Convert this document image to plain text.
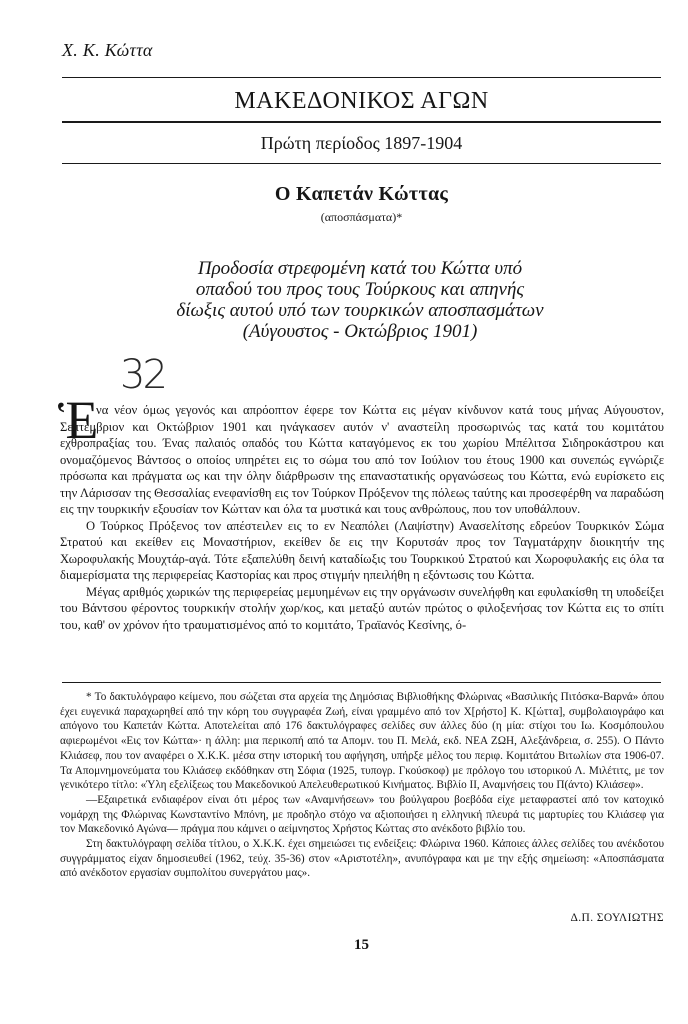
Χ. Κ. Κώττα
ΜΑΚΕΔΟΝΙΚΟΣ ΑΓΩΝ
Πρώτη περίοδος 1897-1904
Ο Καπετάν Κώττας
(αποσπάσματα)*
Προδοσία στρεφομένη κατά του Κώττα υπό
οπαδού του προς τους Τούρκους και απηνής
δίωξις αυτού υπό των τουρκικών αποσπασμάτων
(Αύγουστος - Οκτώβριος 1901)
32
Ἑ

να νέον όμως γεγονός και απρόοπτον έφερε τον Κώττα εις μέγαν κίνδυνον κατά τους μήνας Αύγουστον, Σεπτέμβριον και Οκτώβριον 1901 και ηνάγκασεν αυτόν ν' αναστείλη προσωρινώς τας κατά του κομιτάτου εχθροπραξίας του. Ένας παλαιός οπαδός του Κώττα καταγόμενος εκ του χωρίου Μπέλιτσα Σιδηροκάστρου και ονομαζόμενος Βάντσος ο οποίος υπηρέτει εις το σώμα του από τον Ιούλιον του έτους 1900 και συνεπώς εγνώριζε πρόσωπα και πράγματα ως και την όλην διάρθρωσιν της επαναστατικής οργανώσεως του Κώττα, ενώ ευρίσκετο εις την Λάρισσαν της Θεσσαλίας ενεφανίσθη εις τον Τούρκον Πρόξενον της πόλεως ταύτης και προσεφέρθη να παραδώση εις την τουρκικήν εξουσίαν τον Κώτταν και όλα τα μυστικά και τους ανθρώπους, που τον υποθάλπουν.

Ο Τούρκος Πρόξενος τον απέστειλεν εις το εν Νεαπόλει (Λαψίστην) Ανασελίτσης εδρεύον Τουρκικόν Σώμα Στρατού και εκείθεν εις Μοναστήριον, εκείθεν δε εις την Κορυτσάν προς τον Ταγματάρχην διοικητήν της Χωροφυλακής Μουχτάρ-αγά. Τότε εξαπελύθη δεινή καταδίωξις του Τουρκικού Στρατού και Χωροφυλακής εις όλα τα διαμερίσματα της περιφερείας Καστορίας και προς στιγμήν ηπειλήθη η εξόντωσις του Κώττα.

Μέγας αριθμός χωρικών της περιφερείας μεμυημένων εις την οργάνωσιν συνελήφθη και εφυλακίσθη τη υποδείξει του Βάντσου φέροντος τουρκικήν στολήν χωρ/κος, και μεταξύ αυτών πρώτος ο φιλοξενήσας τον Κώττα εις το σπίτι του, καθ' ον χρόνον ήτο τραυματισμένος από το κομιτάτο, Τραϊανός Κεσίνης, ό-

* Το δακτυλόγραφο κείμενο, που σώζεται στα αρχεία της Δημόσιας Βιβλιοθήκης Φλώρινας «Βασιλικής Πιτόσκα-Βαρνά» όπου έχει ευγενικά παραχωρηθεί από την κόρη του συγγραφέα Ζωή, είναι γραμμένο από τον Χ[ρήστο] Κ. Κ[ώττα], συμβολαιογράφο και απόγονο του Καπετάν Κώττα. Αποτελείται από 176 δακτυλόγραφες σελίδες συν άλλες δύο (η μία: στίχοι του Ιω. Κοσμόπουλου αφιερωμένοι «Εις τον Κώττα»· η άλλη: μια περικοπή από τα Απομν. του Π. Μελά, εκδ. ΝΕΑ ΖΩΗ, Αλεξάνδρεια, σ. 255). Ο Πάντο Κλιάσεφ, που τον αναφέρει ο Χ.Κ.Κ. μέσα στην ιστορική του αφήγηση, υπήρξε μέλος του περιφ. Κομιτάτου Βιτωλίων στα 1906-07. Τα Απομνημονεύματα του Κλιάσεφ εκδόθηκαν στη Σόφια (1925, τυπογρ. Γκούσκοφ) με πρόλογο του ιστορικού Λ. Μιλέτιτς, με τον γενικότερο τίτλο: «Ύλη εξελίξεως του Μακεδονικού Απελευθερωτικού Κινήματος. Βιβλίο ΙΙ, Αναμνήσεις του Π(άντο) Κλιάσεφ».

—Εξαιρετικά ενδιαφέρον είναι ότι μέρος των «Αναμνήσεων» του βούλγαρου βοεβόδα είχε μεταφραστεί από τον κατοχικό νομάρχη της Φλώρινας Κωνσταντίνο Μπόνη, με προδηλο στόχο να αξιοποιήσει η ελληνική πλευρά τις μαρτυρίες του Κλιάσεφ για τον Μακεδονικό Αγώνα— πράγμα που κάμνει ο αείμνηστος Χρήστος Κώττας στο ανέκδοτο βιβλίο του.

Στη δακτυλόγραφη σελίδα τίτλου, ο Χ.Κ.Κ. έχει σημειώσει τις ενδείξεις: Φλώρινα 1960. Κάποιες άλλες σελίδες του ανέκδοτου συγγράμματος είχαν δημοσιευθεί (1962, τεύχ. 35-36) στον «Αριστοτέλη», ανυπόγραφα και με την εξής σημείωση: «Αποσπάσματα από ανέκδοτον εργασίαν συμπολίτου συνεργάτου μας».

Δ.Π. ΣΟΥΛΙΩΤΗΣ
15
